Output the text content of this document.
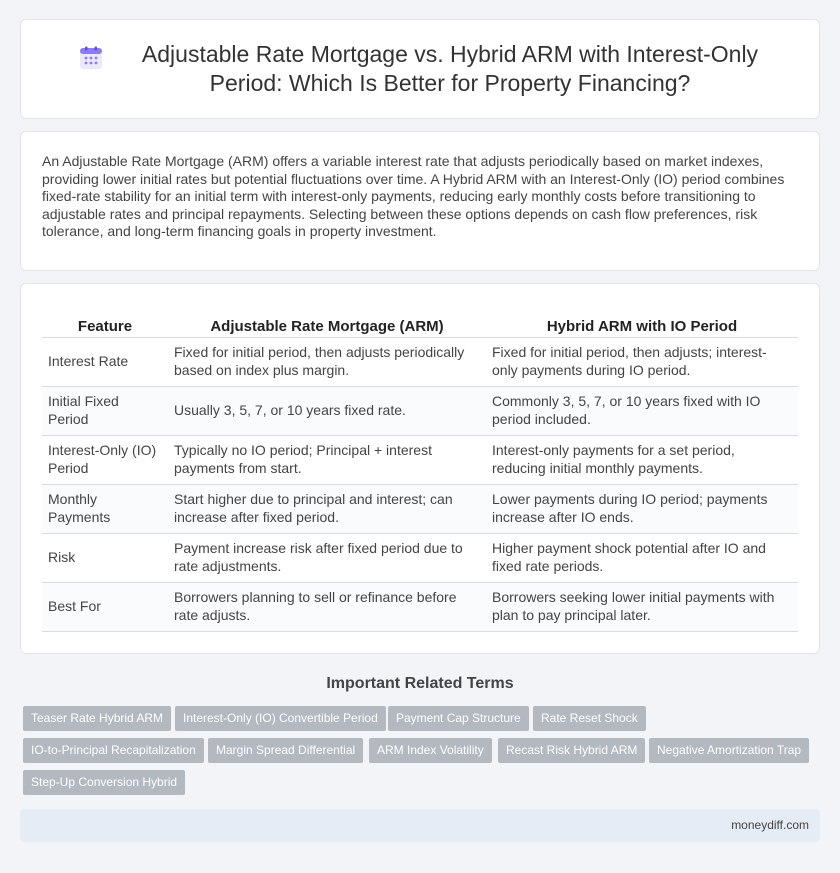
Adjustable Rate Mortgage vs. Hybrid ARM with Interest-Only Period: Which Is Better for Property Financing?

An Adjustable Rate Mortgage (ARM) offers a variable interest rate that adjusts periodically based on market indexes, providing lower initial rates but potential fluctuations over time. A Hybrid ARM with an Interest-Only (IO) period combines fixed-rate stability for an initial term with interest-only payments, reducing early monthly costs before transitioning to adjustable rates and principal repayments. Selecting between these options depends on cash flow preferences, risk tolerance, and long-term financing goals in property investment.

Feature	Adjustable Rate Mortgage (ARM)	Hybrid ARM with IO Period
Interest Rate	Fixed for initial period, then adjusts periodically based on index plus margin.	Fixed for initial period, then adjusts; interest-only payments during IO period.
Initial Fixed Period	Usually 3, 5, 7, or 10 years fixed rate.	Commonly 3, 5, 7, or 10 years fixed with IO period included.
Interest-Only (IO) Period	Typically no IO period; Principal + interest payments from start.	Interest-only payments for a set period, reducing initial monthly payments.
Monthly Payments	Start higher due to principal and interest; can increase after fixed period.	Lower payments during IO period; payments increase after IO ends.
Risk	Payment increase risk after fixed period due to rate adjustments.	Higher payment shock potential after IO and fixed rate periods.
Best For	Borrowers planning to sell or refinance before rate adjusts.	Borrowers seeking lower initial payments with plan to pay principal later.
Important Related Terms
Teaser Rate Hybrid ARM	Interest-Only (IO) Convertible Period	Payment Cap Structure	Rate Reset Shock
IO-to-Principal Recapitalization	Margin Spread Differential	ARM Index Volatility	Recast Risk Hybrid ARM	Negative Amortization Trap
Step-Up Conversion Hybrid
moneydiff.com
